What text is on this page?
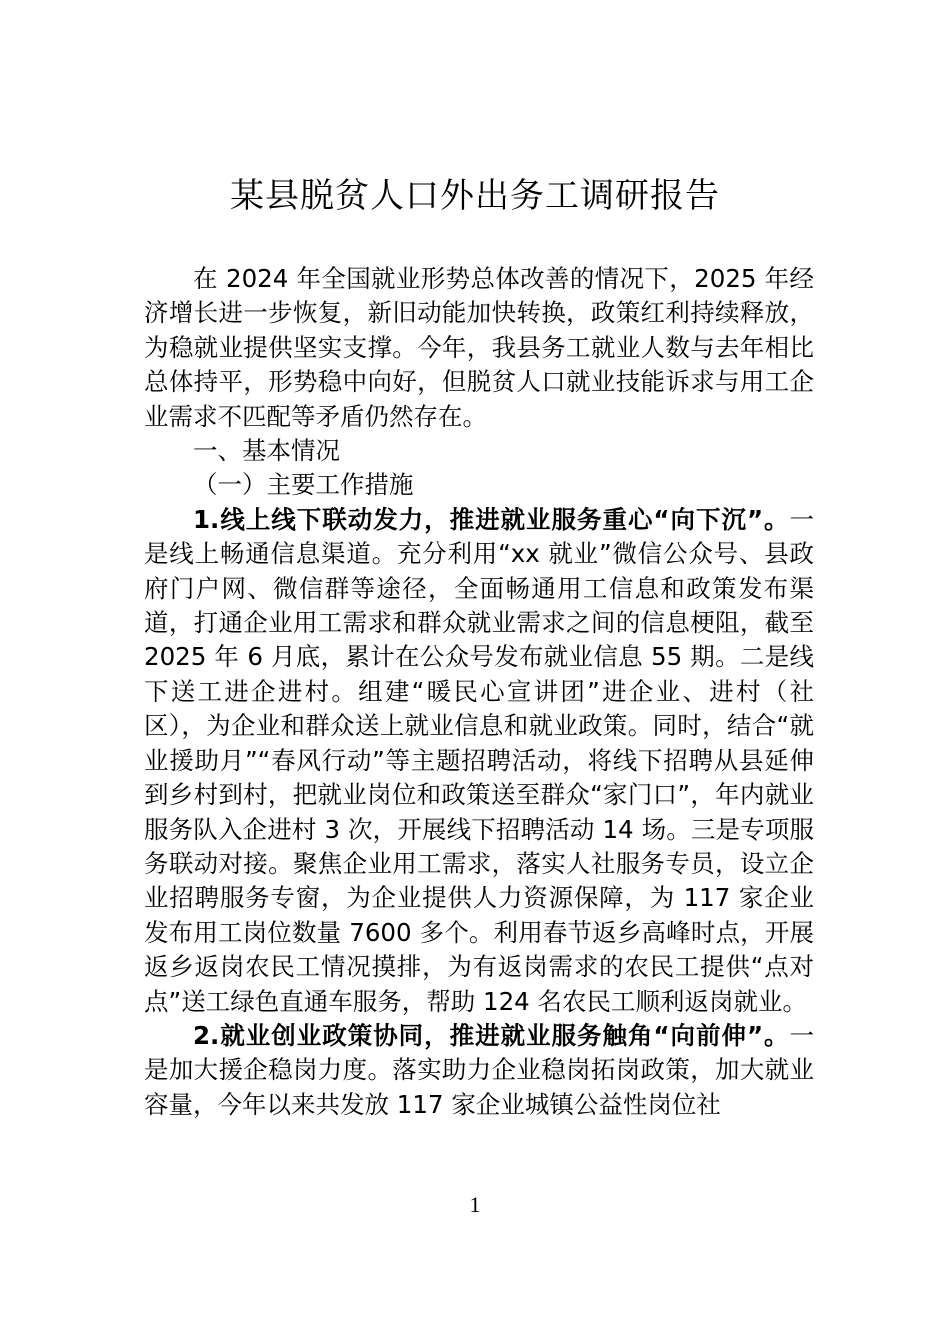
某县脱贫人口外出务工调研报告

在 2024 年全国就业形势总体改善的情况下，2025 年经济增长进一步恢复，新旧动能加快转换，政策红利持续释放，为稳就业提供坚实支撑。今年，我县务工就业人数与去年相比总体持平，形势稳中向好，但脱贫人口就业技能诉求与用工企业需求不匹配等矛盾仍然存在。

一、基本情况

（一）主要工作措施

1.线上线下联动发力，推进就业服务重心“向下沉”。一是线上畅通信息渠道。充分利用“xx 就业”微信公众号、县政府门户网、微信群等途径，全面畅通用工信息和政策发布渠道，打通企业用工需求和群众就业需求之间的信息梗阻，截至 2025 年 6 月底，累计在公众号发布就业信息 55 期。二是线下送工进企进村。组建“暖民心宣讲团”进企业、进村（社区），为企业和群众送上就业信息和就业政策。同时，结合“就业援助月”“春风行动”等主题招聘活动，将线下招聘从县延伸到乡村到村，把就业岗位和政策送至群众“家门口”，年内就业服务队入企进村 3 次，开展线下招聘活动 14 场。三是专项服务联动对接。聚焦企业用工需求，落实人社服务专员，设立企业招聘服务专窗，为企业提供人力资源保障，为 117 家企业发布用工岗位数量 7600 多个。利用春节返乡高峰时点，开展返乡返岗农民工情况摸排，为有返岗需求的农民工提供“点对点”送工绿色直通车服务，帮助 124 名农民工顺利返岗就业。

2.就业创业政策协同，推进就业服务触角“向前伸”。一是加大援企稳岗力度。落实助力企业稳岗拓岗政策，加大就业容量，今年以来共发放 117 家企业城镇公益性岗位社

1
